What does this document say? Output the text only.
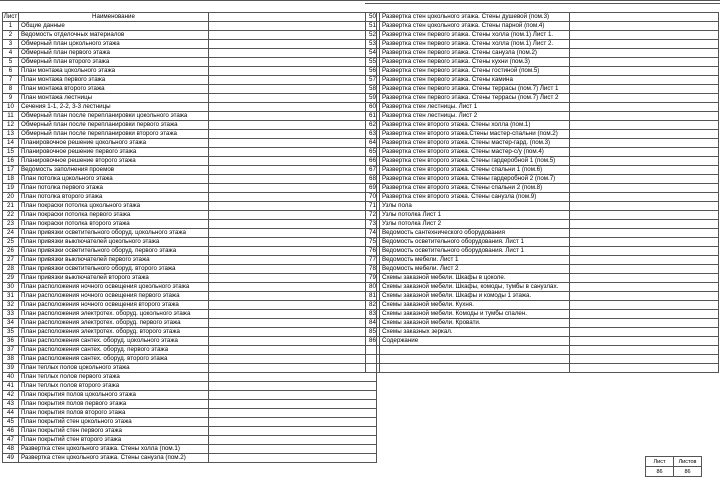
Лист	Наименование	
1	Общие данные	
2	Ведомость отделочных материалов	
3	Обмерный план цокольного этажа	
4	Обмерный план первого этажа	
5	Обмерный план второго этажа	
6	План монтажа цокольного этажа	
7	План монтажа первого этажа	
8	План монтажа второго этажа	
9	План монтажа лестницы	
10	Сечения 1-1, 2-2, 3-3 лестницы	
11	Обмерный план после перепланировки цокольного этажа	
12	Обмерный план после перепланировки первого этажа	
13	Обмерный план после перепланировки второго этажа	
14	Планировочное решение цокольного этажа	
15	Планировочное решение первого этажа	
16	Планировочное решение второго этажа	
17	Ведомость заполнения проемов	
18	План потолка цокольного этажа	
19	План потолка первого этажа	
20	План потолка второго этажа	
21	План покраски потолка цокольного этажа	
22	План покраски потолка первого этажа	
23	План покраски потолка второго этажа	
24	План привязки осветительного оборуд. цокольного этажа	
25	План привязки выключателей цокольного этажа	
26	План привязки осветительного оборуд. первого этажа	
27	План привязки выключателей первого этажа	
28	План привязки осветительного оборуд. второго этажа	
29	План привязки выключателей второго этажа	
30	План расположения ночного освещения цокольного этажа	
31	План расположения ночного освещения первого этажа	
32	План расположения ночного освещения второго этажа	
33	План расположения электротех. оборуд. цокольного этажа	
34	План расположения электротех. оборуд. первого этажа	
35	План расположения электротех. оборуд. второго этажа	
36	План расположения сантех. оборуд. цокольного этажа	
37	План расположения сантех. оборуд. первого этажа	
38	План расположения сантех. оборуд. второго этажа	
39	План теплых полов цокольного этажа	
40	План теплых полов первого этажа	
41	План теплых полов второго этажа	
42	План покрытия полов цокольного этажа	
43	План покрытия полов первого этажа	
44	План покрытия полов второго этажа	
45	План покрытий стен цокольного этажа	
46	План покрытий стен первого этажа	
47	План покрытий стен второго этажа	
48	Развертка стен цокольного этажа. Стены холла (пом.1)	
49	Развертка стен цокольного этажа. Стены санузла (пом.2)	
50	Развертка стен цокольного этажа. Стены душевой (пом.3)	
51	Развертка стен цокольного этажа. Стены парной (пом.4)	
52	Развертка стен первого этажа. Стены холла (пом.1) Лист 1.	
53	Развертка стен первого этажа. Стены холла (пом.1) Лист 2.	
54	Развертка стен первого этажа. Стены санузла (пом.2)	
55	Развертка стен первого этажа. Стены кухни (пом.3)	
56	Развертка стен первого этажа. Стены гостиной (пом.5)	
57	Развертка стен первого этажа. Стены камина	
58	Развертка стен первого этажа. Стены террасы (пом.7) Лист 1	
59	Развертка стен первого этажа. Стены террасы (пом.7) Лист 2	
60	Развертка стен лестницы. Лист 1	
61	Развертка стен лестницы. Лист 2	
62	Развертка стен второго этажа. Стены холла (пом.1)	
63	Развертка стен второго этажа.Стены мастер-спальни (пом.2)	
64	Развертка стен второго этажа. Стены мастер-гард. (пом.3)	
65	Развертка стен второго этажа. Стены мастер-с/у (пом.4)	
66	Развертка стен второго этажа. Стены гардеробной 1 (пом.5)	
67	Развертка стен второго этажа. Стены спальни 1 (пом.6)	
68	Развертка стен второго этажа. Стены гардеробной 2 (пом.7)	
69	Развертка стен второго этажа. Стены спальни 2 (пом.8)	
70	Развертка стен второго этажа. Стены санузла (пом.9)	
71	Узлы пола	
72	Узлы потолка Лист 1	
73	Узлы потолка Лист 2	
74	Ведомость сантехнического оборудования	
75	Ведомость осветительного оборудования. Лист 1	
76	Ведомость осветительного оборудования. Лист 1	
77	Ведомость мебели. Лист 1	
78	Ведомость мебели. Лист 2	
79	Схемы заказной мебели. Шкафы в цоколе.	
80	Схемы заказной мебели. Шкафы, комоды, тумбы в санузлах.	
81	Схемы заказной мебели. Шкафы и комоды 1 этажа.	
82	Схемы заказной мебели. Кухня.	
83	Схемы заказной мебели. Комоды и тумбы спален.	
84	Схемы заказной мебели. Кровати.	
85	Схемы заказных зеркал.	
86	Содержание	

Лист	Листов
86	86
